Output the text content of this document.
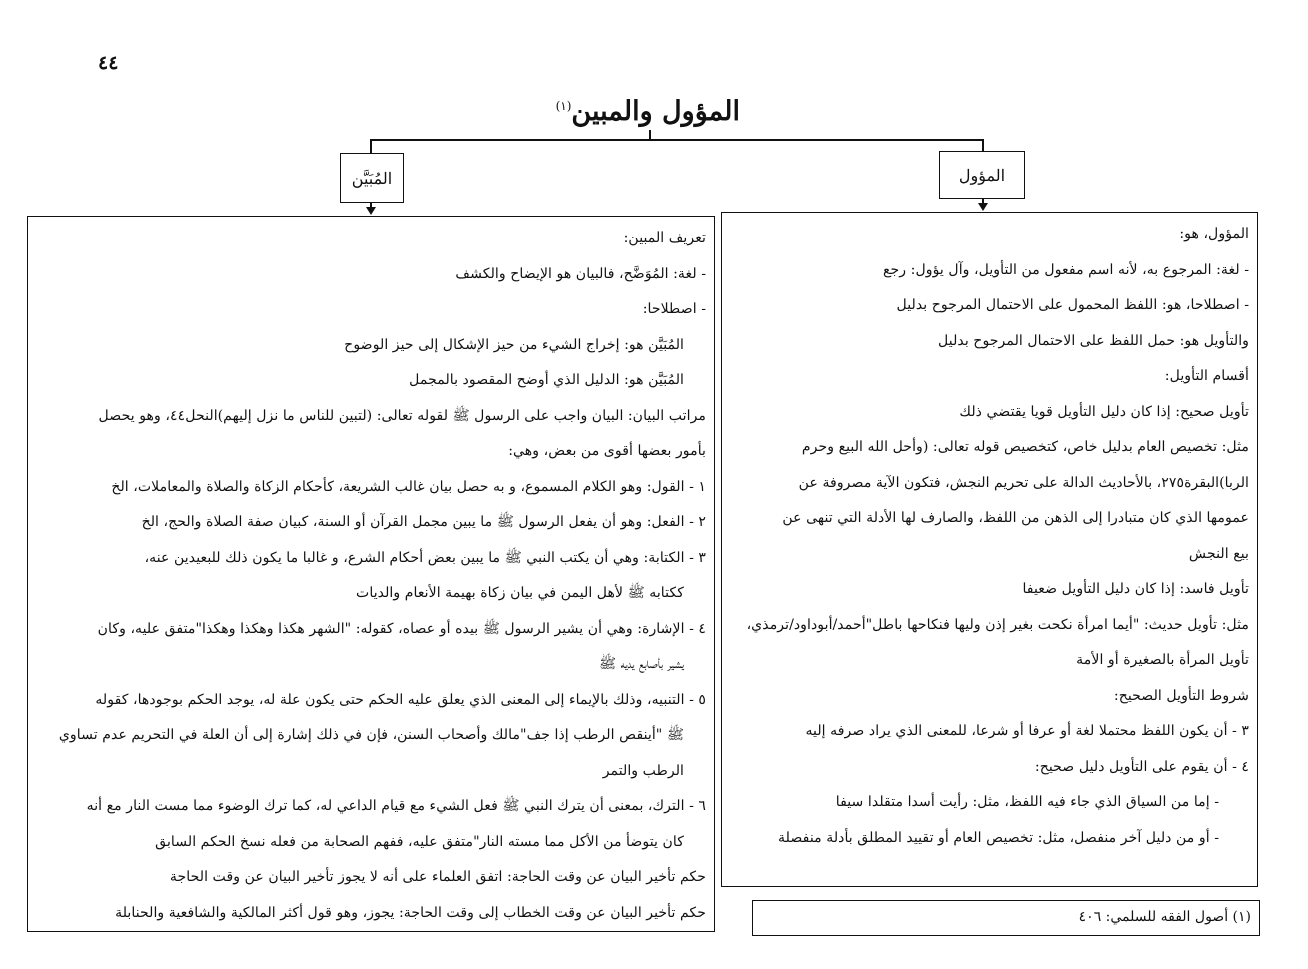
٤٤
المؤول والمبين$^{(١)}$
المُبَيَّن	المؤول
المؤول، هو:
- لغة: المرجوع به، لأنه اسم مفعول من التأويل، وآل يؤول: رجع
- اصطلاحا، هو: اللفظ المحمول على الاحتمال المرجوح بدليل
والتأويل هو: حمل اللفظ على الاحتمال المرجوح بدليل
أقسام التأويل:
تأويل صحيح: إذا كان دليل التأويل قويا يقتضي ذلك
مثل: تخصيص العام بدليل خاص، كتخصيص قوله تعالى: (وأحل الله البيع وحرم
الربا)البقرة٢٧٥، بالأحاديث الدالة على تحريم النجش، فتكون الآية مصروفة عن
عمومها الذي كان متبادرا إلى الذهن من اللفظ، والصارف لها الأدلة التي تنهى عن
بيع النجش
تأويل فاسد: إذا كان دليل التأويل ضعيفا
مثل: تأويل حديث: "أيما امرأة نكحت بغير إذن وليها فنكاحها باطل"أحمد/أبوداود/ترمذي،
تأويل المرأة بالصغيرة أو الأمة
شروط التأويل الصحيح:
٣ - أن يكون اللفظ محتملا لغة أو عرفا أو شرعا، للمعنى الذي يراد صرفه إليه
٤ - أن يقوم على التأويل دليل صحيح:
- إما من السياق الذي جاء فيه اللفظ، مثل: رأيت أسدا متقلدا سيفا
- أو من دليل آخر منفصل، مثل: تخصيص العام أو تقييد المطلق بأدلة منفصلة
تعريف المبين:
- لغة: المُوَضَّح، فالبيان هو الإيضاح والكشف
- اصطلاحا:
المُبَيَّن هو: إخراج الشيء من حيز الإشكال إلى حيز الوضوح
المُبَيَّن هو: الدليل الذي أوضح المقصود بالمجمل
مراتب البيان: البيان واجب على الرسول ﷺ لقوله تعالى: (لتبين للناس ما نزل إليهم)النحل٤٤، وهو يحصل
بأمور بعضها أقوى من بعض، وهي:
١ - القول: وهو الكلام المسموع، و به حصل بيان غالب الشريعة، كأحكام الزكاة والصلاة والمعاملات، الخ
٢ - الفعل: وهو أن يفعل الرسول ﷺ ما يبين مجمل القرآن أو السنة، كبيان صفة الصلاة والحج، الخ
٣ - الكتابة: وهي أن يكتب النبي ﷺ ما يبين بعض أحكام الشرع، و غالبا ما يكون ذلك للبعيدين عنه،
ككتابه ﷺ لأهل اليمن في بيان زكاة بهيمة الأنعام والديات
٤ - الإشارة: وهي أن يشير الرسول ﷺ بيده أو عصاه، كقوله: "الشهر هكذا وهكذا وهكذا"متفق عليه، وكان
يشير بأصابع يديه ﷺ
٥ - التنبيه، وذلك بالإيماء إلى المعنى الذي يعلق عليه الحكم حتى يكون علة له، يوجد الحكم بوجودها، كقوله
ﷺ "أينقص الرطب إذا جف"مالك وأصحاب السنن، فإن في ذلك إشارة إلى أن العلة في التحريم عدم تساوي
الرطب والتمر
٦ - الترك، بمعنى أن يترك النبي ﷺ فعل الشيء مع قيام الداعي له، كما ترك الوضوء مما مست النار مع أنه
كان يتوضأ من الأكل مما مسته النار"متفق عليه، ففهم الصحابة من فعله نسخ الحكم السابق
حكم تأخير البيان عن وقت الحاجة: اتفق العلماء على أنه لا يجوز تأخير البيان عن وقت الحاجة
حكم تأخير البيان عن وقت الخطاب إلى وقت الحاجة: يجوز، وهو قول أكثر المالكية والشافعية والحنابلة	(١) أصول الفقه للسلمي: ٤٠٦
